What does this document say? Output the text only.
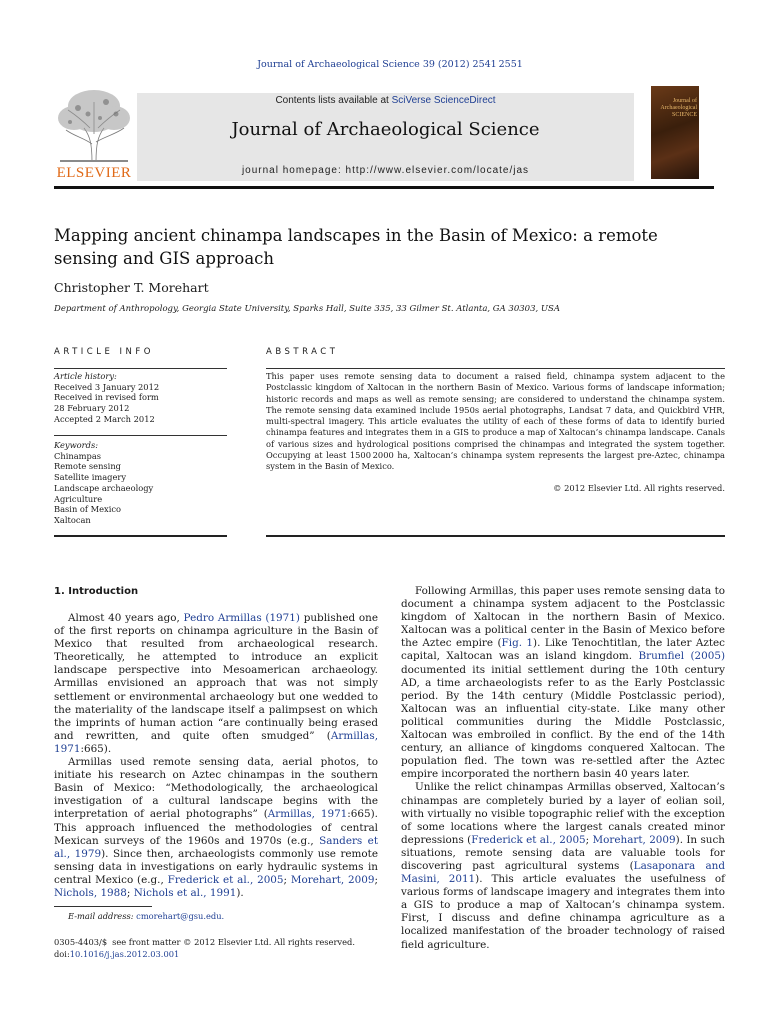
Journal of Archaeological Science 39 (2012) 2541 2551
ELSEVIER
Contents lists available at SciVerse ScienceDirect
Journal of Archaeological Science
journal homepage: http://www.elsevier.com/locate/jas
Journal of Archaeological SCIENCE
Mapping ancient chinampa landscapes in the Basin of Mexico: a remote sensing and GIS approach
Christopher T. Morehart
Department of Anthropology, Georgia State University, Sparks Hall, Suite 335, 33 Gilmer St. Atlanta, GA 30303, USA
ARTICLE INFO	ABSTRACT
Article history:
Received 3 January 2012
Received in revised form
28 February 2012
Accepted 2 March 2012
Keywords:
Chinampas
Remote sensing
Satellite imagery
Landscape archaeology
Agriculture
Basin of Mexico
Xaltocan
This paper uses remote sensing data to document a raised field, chinampa system adjacent to the Postclassic kingdom of Xaltocan in the northern Basin of Mexico. Various forms of landscape information; historic records and maps as well as remote sensing; are considered to understand the chinampa system. The remote sensing data examined include 1950s aerial photographs, Landsat 7 data, and Quickbird VHR, multi-spectral imagery. This article evaluates the utility of each of these forms of data to identify buried chinampa features and integrates them in a GIS to produce a map of Xaltocan’s chinampa landscape. Canals of various sizes and hydrological positions comprised the chinampas and integrated the system together. Occupying at least 1500 2000 ha, Xaltocan’s chinampa system represents the largest pre-Aztec, chinampa system in the Basin of Mexico.
© 2012 Elsevier Ltd. All rights reserved.
1. Introduction

Almost 40 years ago, Pedro Armillas (1971) published one of the first reports on chinampa agriculture in the Basin of Mexico that resulted from archaeological research. Theoretically, he attempted to introduce an explicit landscape perspective into Mesoamerican archaeology. Armillas envisioned an approach that was not simply settlement or environmental archaeology but one wedded to the materiality of the landscape itself  a palimpsest on which the imprints of human action “are continually being erased and rewritten, and quite often smudged” (Armillas, 1971:665).

Armillas used remote sensing data, aerial photos, to initiate his research on Aztec chinampas in the southern Basin of Mexico: “Methodologically, the archaeological investigation of a cultural landscape begins with the interpretation of aerial photographs” (Armillas, 1971:665). This approach influenced the methodologies of central Mexican surveys of the 1960s and 1970s (e.g., Sanders et al., 1979). Since then, archaeologists commonly use remote sensing data in investigations on early hydraulic systems in central Mexico (e.g., Frederick et al., 2005; Morehart, 2009; Nichols, 1988; Nichols et al., 1991).

Following Armillas, this paper uses remote sensing data to document a chinampa system adjacent to the Postclassic kingdom of Xaltocan in the northern Basin of Mexico. Xaltocan was a political center in the Basin of Mexico before the Aztec empire (Fig. 1). Like Tenochtitlan, the later Aztec capital, Xaltocan was an island kingdom. Brumfiel (2005) documented its initial settlement during the 10th century AD, a time archaeologists refer to as the Early Postclassic period. By the 14th century (Middle Postclassic period), Xaltocan was an influential city-state. Like many other political communities during the Middle Postclassic, Xaltocan was embroiled in conflict. By the end of the 14th century, an alliance of kingdoms conquered Xaltocan. The population fled. The town was re-settled after the Aztec empire incorporated the northern basin 40 years later.

Unlike the relict chinampas Armillas observed, Xaltocan’s chinampas are completely buried by a layer of eolian soil, with virtually no visible topographic relief with the exception of some locations where the largest canals created minor depressions (Frederick et al., 2005; Morehart, 2009). In such situations, remote sensing data are valuable tools for discovering past agricultural systems (Lasaponara and Masini, 2011). This article evaluates the usefulness of various forms of landscape imagery and integrates them into a GIS to produce a map of Xaltocan’s chinampa system. First, I discuss and define chinampa agriculture as a localized manifestation of the broader technology of raised field agriculture.

E-mail address: cmorehart@gsu.edu.
0305-4403/$   see front matter © 2012 Elsevier Ltd. All rights reserved.
doi:10.1016/j.jas.2012.03.001
